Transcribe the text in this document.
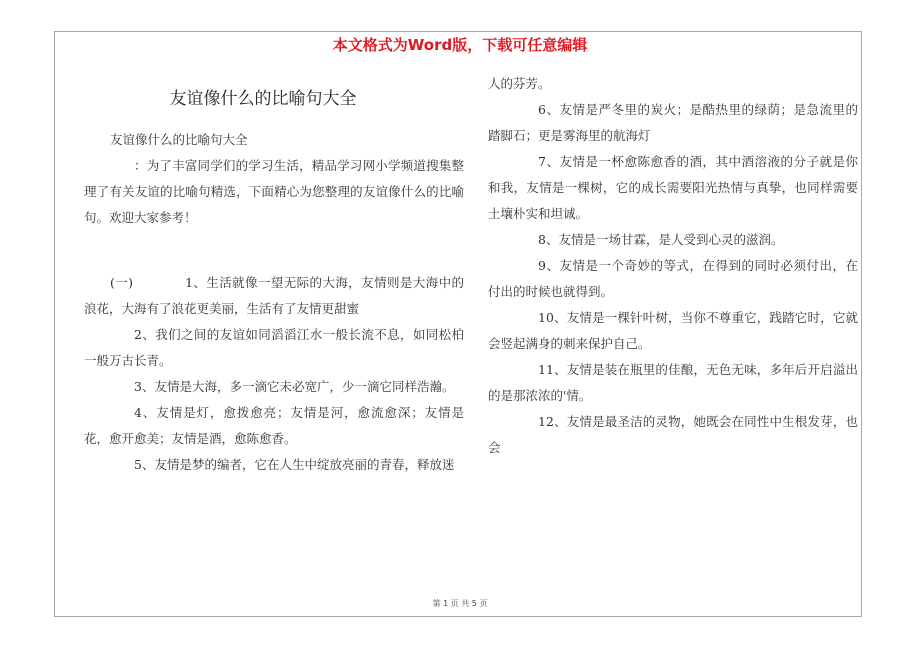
本文格式为Word版，下载可任意编辑
友谊像什么的比喻句大全

友谊像什么的比喻句大全

：为了丰富同学们的学习生活，精品学习网小学频道搜集整理了有关友谊的比喻句精选，下面精心为您整理的友谊像什么的比喻句。欢迎大家参考！

(一)　　　　1、生活就像一望无际的大海，友情则是大海中的浪花，大海有了浪花更美丽，生活有了友情更甜蜜

2、我们之间的友谊如同滔滔江水一般长流不息，如同松柏一般万古长青。

3、友情是大海，多一滴它未必宽广，少一滴它同样浩瀚。

4、友情是灯，愈拨愈亮；友情是河，愈流愈深；友情是花，愈开愈美；友情是酒，愈陈愈香。

5、友情是梦的编者，它在人生中绽放亮丽的青春，释放迷

人的芬芳。

6、友情是严冬里的炭火；是酷热里的绿荫；是急流里的踏脚石；更是雾海里的航海灯

7、友情是一杯愈陈愈香的酒，其中酒溶液的分子就是你和我，友情是一棵树，它的成长需要阳光热情与真挚，也同样需要土壤朴实和坦诚。

8、友情是一场甘霖，是人受到心灵的滋润。

9、友情是一个奇妙的等式，在得到的同时必须付出，在付出的时候也就得到。

10、友情是一棵针叶树，当你不尊重它，践踏它时，它就会竖起满身的刺来保护自己。

11、友情是装在瓶里的佳酿，无色无味，多年后开启溢出的是那浓浓的'情。

12、友情是最圣洁的灵物，她既会在同性中生根发芽，也会

第 1 页 共 5 页
